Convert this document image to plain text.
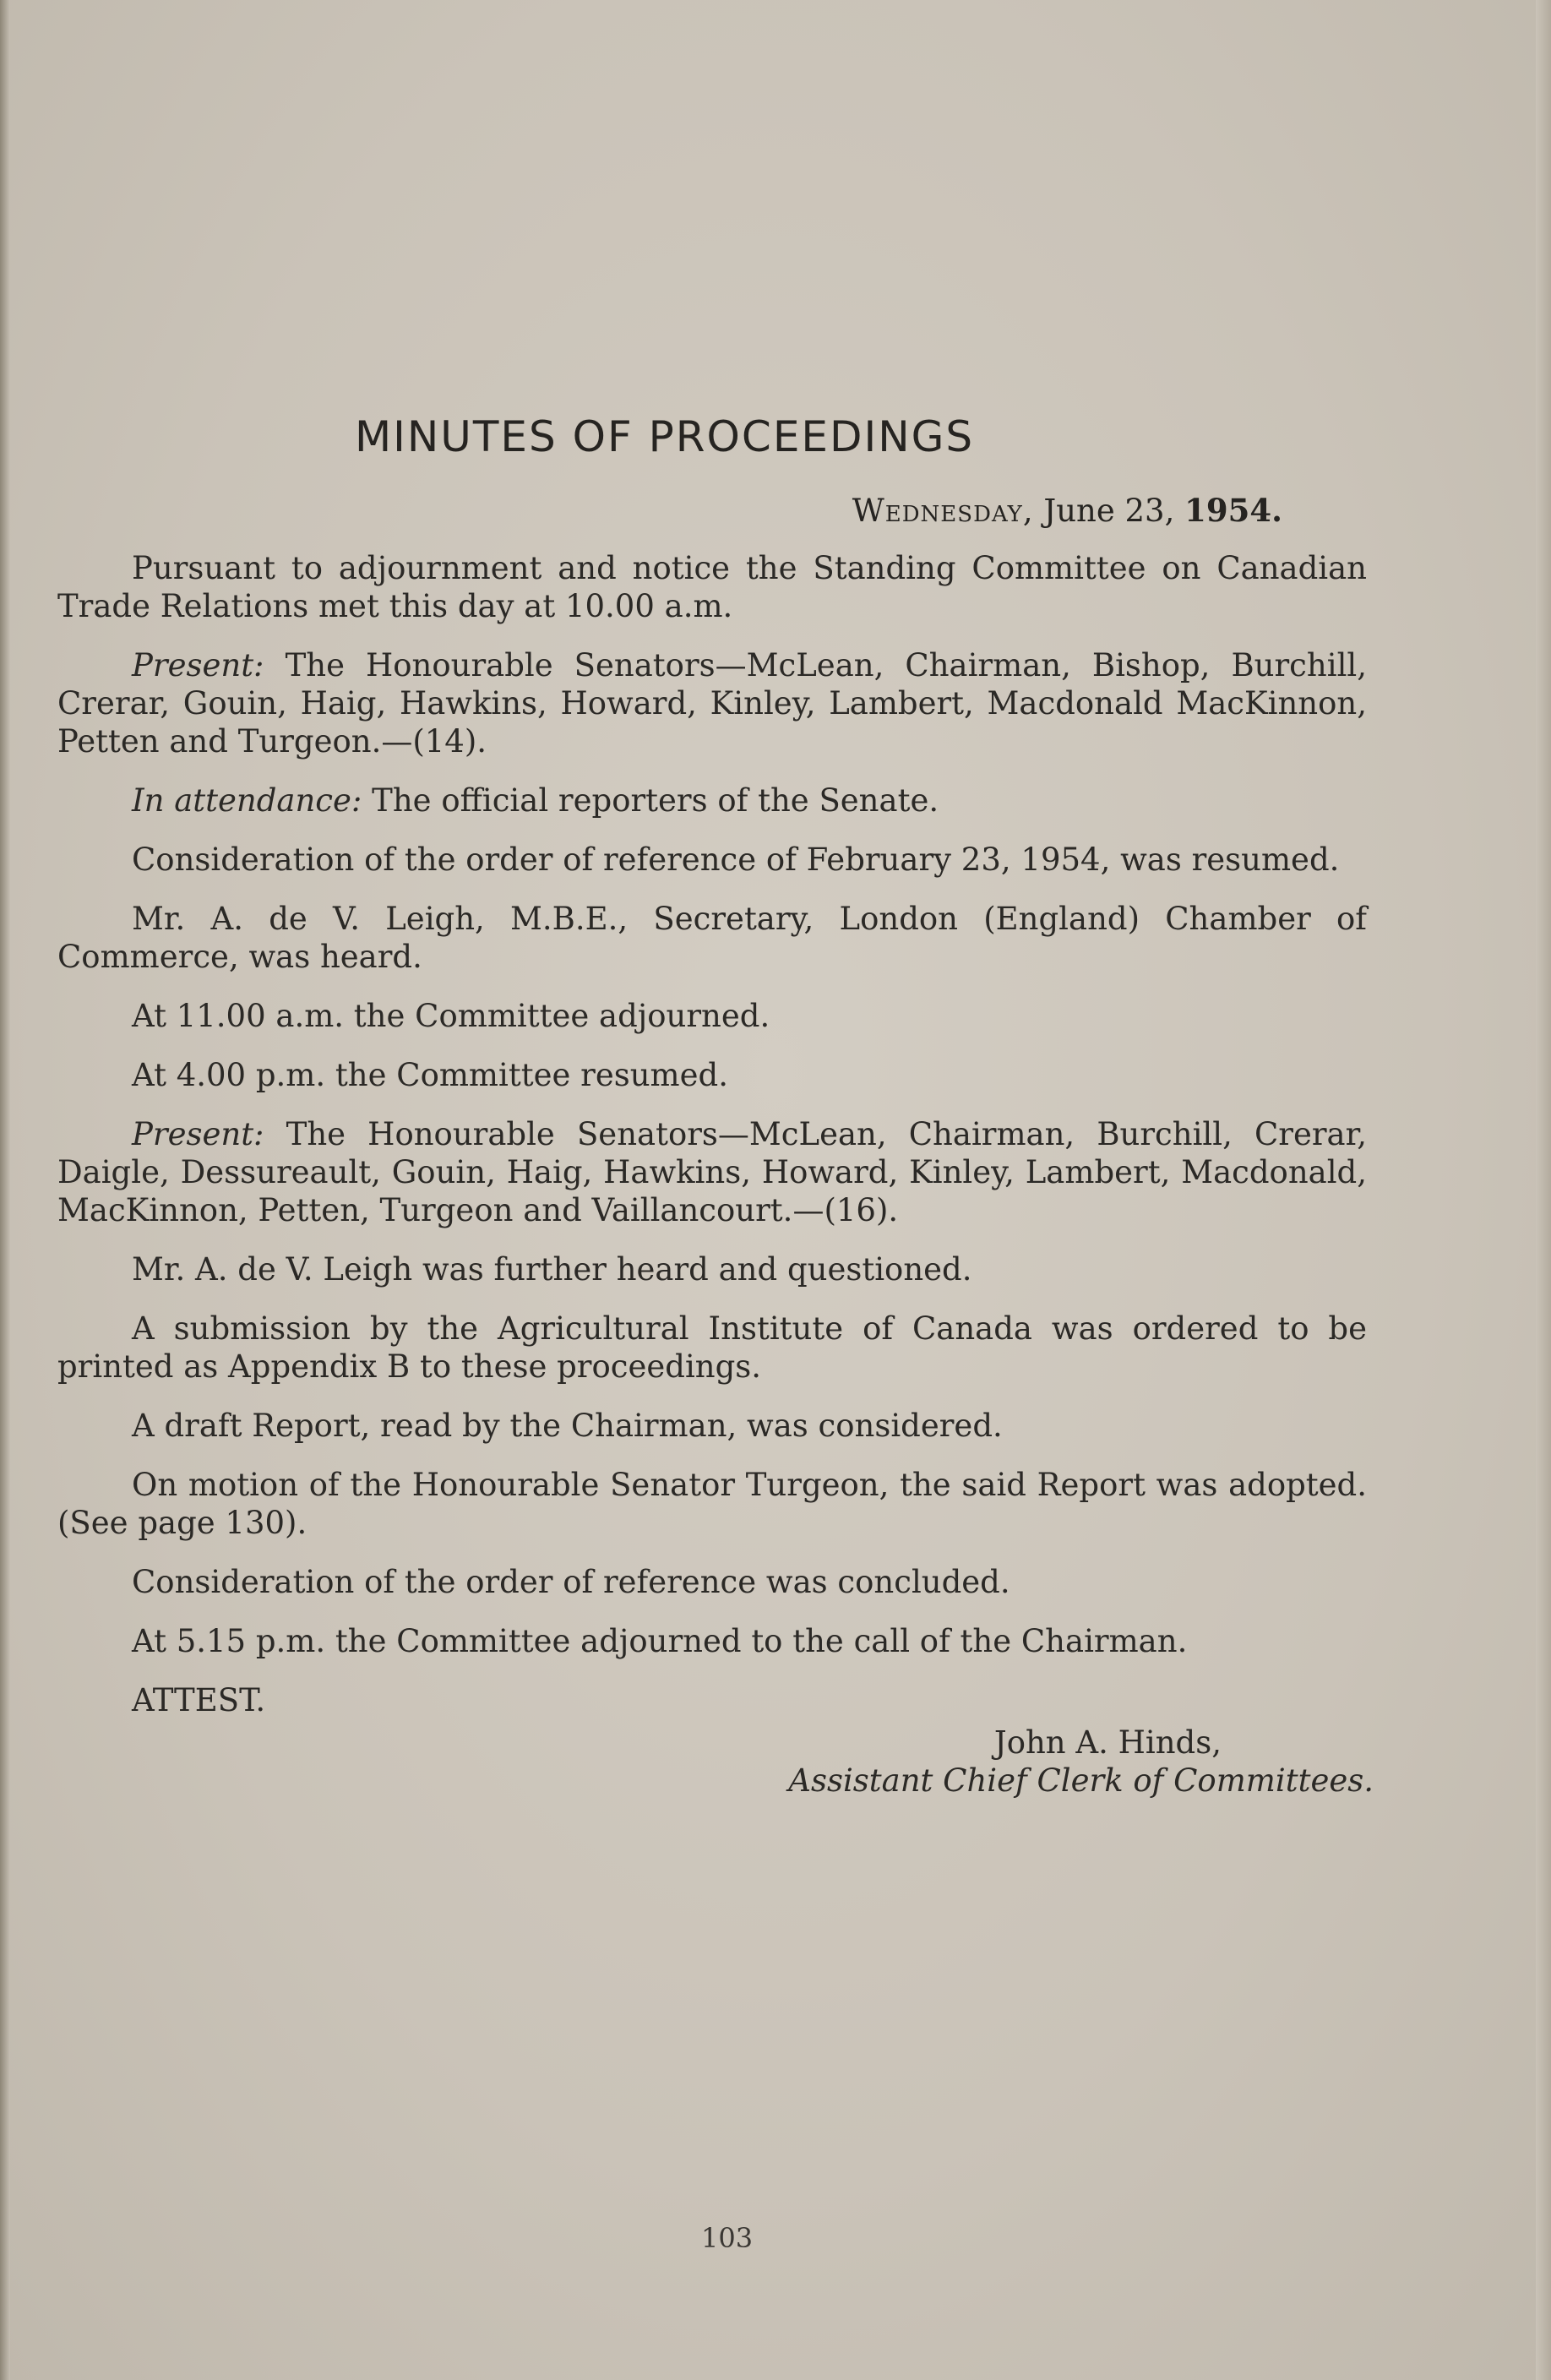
MINUTES OF PROCEEDINGS
Wednesday, June 23, 1954.

Pursuant to adjournment and notice the Standing Committee on Canadian Trade Relations met this day at 10.00 a.m.

Present: The Honourable Senators—McLean, Chairman, Bishop, Burchill, Crerar, Gouin, Haig, Hawkins, Howard, Kinley, Lambert, Macdonald MacKinnon, Petten and Turgeon.—(14).

In attendance: The official reporters of the Senate.

Consideration of the order of reference of February 23, 1954, was resumed.

Mr. A. de V. Leigh, M.B.E., Secretary, London (England) Chamber of Commerce, was heard.

At 11.00 a.m. the Committee adjourned.

At 4.00 p.m. the Committee resumed.

Present: The Honourable Senators—McLean, Chairman, Burchill, Crerar, Daigle, Dessureault, Gouin, Haig, Hawkins, Howard, Kinley, Lambert, Macdonald, MacKinnon, Petten, Turgeon and Vaillancourt.—(16).

Mr. A. de V. Leigh was further heard and questioned.

A submission by the Agricultural Institute of Canada was ordered to be printed as Appendix B to these proceedings.

A draft Report, read by the Chairman, was considered.

On motion of the Honourable Senator Turgeon, the said Report was adopted. (See page 130).

Consideration of the order of reference was concluded.

At 5.15 p.m. the Committee adjourned to the call of the Chairman.

ATTEST.

John A. Hinds,
Assistant Chief Clerk of Committees.
103
